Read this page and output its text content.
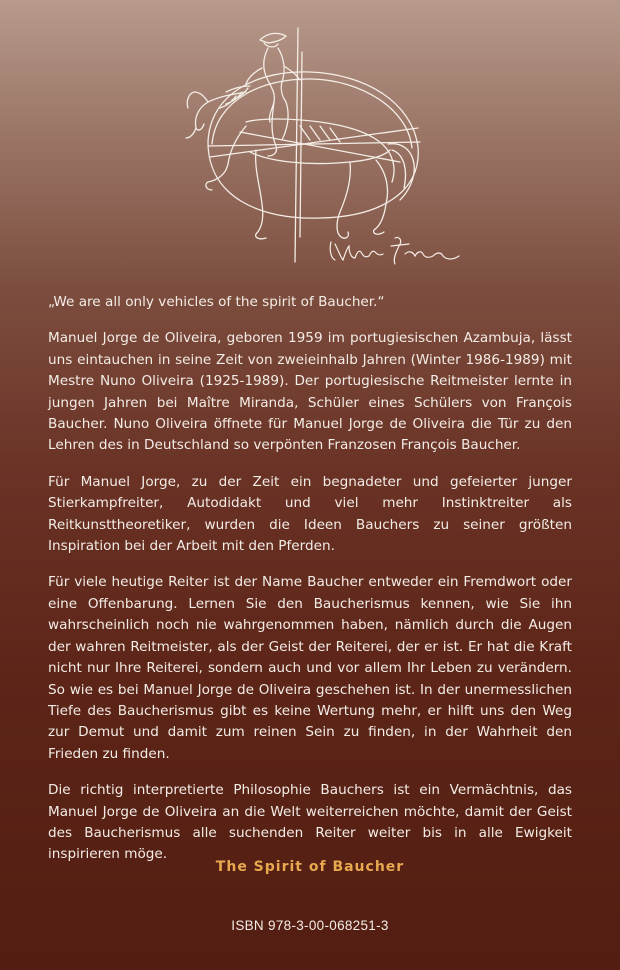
„We are all only vehicles of the spirit of Baucher.“

Manuel Jorge de Oliveira, geboren 1959 im portugiesischen Azambuja, lässt uns eintauchen in seine Zeit von zweieinhalb Jahren (Winter 1986-1989) mit Mestre Nuno Oliveira (1925-1989). Der portugiesische Reitmeister lernte in jungen Jahren bei Maître Miranda, Schüler eines Schülers von François Baucher. Nuno Oliveira öffnete für Manuel Jorge de Oliveira die Tür zu den Lehren des in Deutschland so verpönten Franzosen François Baucher.

Für Manuel Jorge, zu der Zeit ein begnadeter und gefeierter junger Stierkampfreiter, Autodidakt und viel mehr Instinktreiter als Reitkunsttheoretiker, wurden die Ideen Bauchers zu seiner größten Inspiration bei der Arbeit mit den Pferden.

Für viele heutige Reiter ist der Name Baucher entweder ein Fremdwort oder eine Offenbarung. Lernen Sie den Baucherismus kennen, wie Sie ihn wahrscheinlich noch nie wahrgenommen haben, nämlich durch die Augen der wahren Reitmeister, als der Geist der Reiterei, der er ist. Er hat die Kraft nicht nur Ihre Reiterei, sondern auch und vor allem Ihr Leben zu verändern. So wie es bei Manuel Jorge de Oliveira geschehen ist. In der unermesslichen Tiefe des Baucherismus gibt es keine Wertung mehr, er hilft uns den Weg zur Demut und damit zum reinen Sein zu finden, in der Wahrheit den Frieden zu finden.

Die richtig interpretierte Philosophie Bauchers ist ein Vermächtnis, das Manuel Jorge de Oliveira an die Welt weiterreichen möchte, damit der Geist des Baucherismus alle suchenden Reiter weiter bis in alle Ewigkeit inspirieren möge.

The Spirit of Baucher
ISBN 978-3-00-068251-3
